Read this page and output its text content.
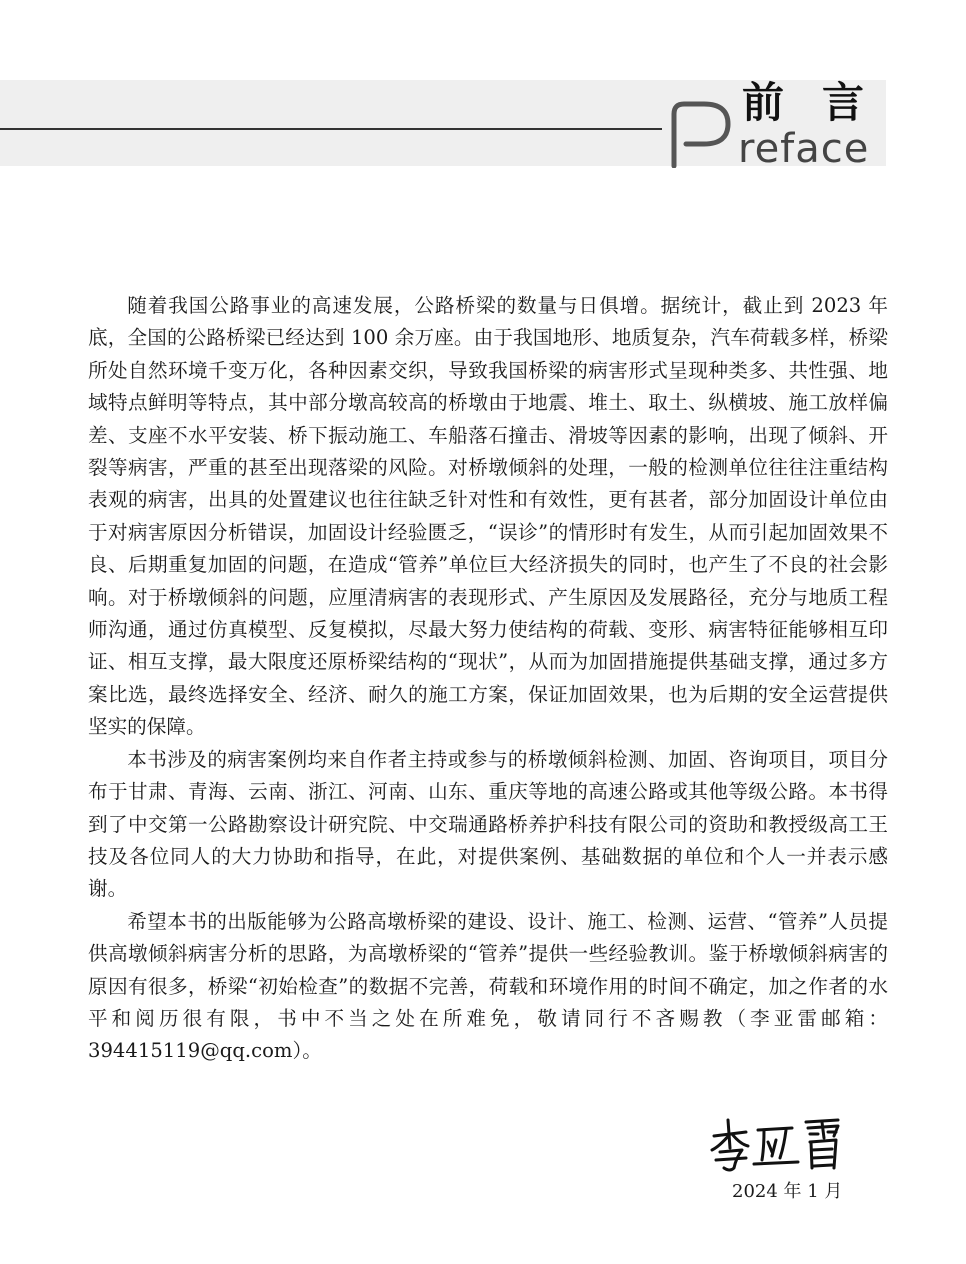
前言
P
reface

随着我国公路事业的高速发展，公路桥梁的数量与日俱增。据统计，截止到 2023 年底，全国的公路桥梁已经达到 100 余万座。由于我国地形、地质复杂，汽车荷载多样，桥梁所处自然环境千变万化，各种因素交织，导致我国桥梁的病害形式呈现种类多、共性强、地域特点鲜明等特点，其中部分墩高较高的桥墩由于地震、堆土、取土、纵横坡、施工放样偏差、支座不水平安装、桥下振动施工、车船落石撞击、滑坡等因素的影响，出现了倾斜、开裂等病害，严重的甚至出现落梁的风险。对桥墩倾斜的处理，一般的检测单位往往注重结构表观的病害，出具的处置建议也往往缺乏针对性和有效性，更有甚者，部分加固设计单位由于对病害原因分析错误，加固设计经验匮乏，“误诊”的情形时有发生，从而引起加固效果不良、后期重复加固的问题，在造成“管养”单位巨大经济损失的同时，也产生了不良的社会影响。对于桥墩倾斜的问题，应厘清病害的表现形式、产生原因及发展路径，充分与地质工程师沟通，通过仿真模型、反复模拟，尽最大努力使结构的荷载、变形、病害特征能够相互印证、相互支撑，最大限度还原桥梁结构的“现状”，从而为加固措施提供基础支撑，通过多方案比选，最终选择安全、经济、耐久的施工方案，保证加固效果，也为后期的安全运营提供坚实的保障。

本书涉及的病害案例均来自作者主持或参与的桥墩倾斜检测、加固、咨询项目，项目分布于甘肃、青海、云南、浙江、河南、山东、重庆等地的高速公路或其他等级公路。本书得到了中交第一公路勘察设计研究院、中交瑞通路桥养护科技有限公司的资助和教授级高工王技及各位同人的大力协助和指导，在此，对提供案例、基础数据的单位和个人一并表示感谢。

希望本书的出版能够为公路高墩桥梁的建设、设计、施工、检测、运营、“管养”人员提供高墩倾斜病害分析的思路，为高墩桥梁的“管养”提供一些经验教训。鉴于桥墩倾斜病害的原因有很多，桥梁“初始检查”的数据不完善，荷载和环境作用的时间不确定，加之作者的水平和阅历很有限，书中不当之处在所难免，敬请同行不吝赐教（李亚雷邮箱：394415119@qq.com）。

2024 年 1 月
